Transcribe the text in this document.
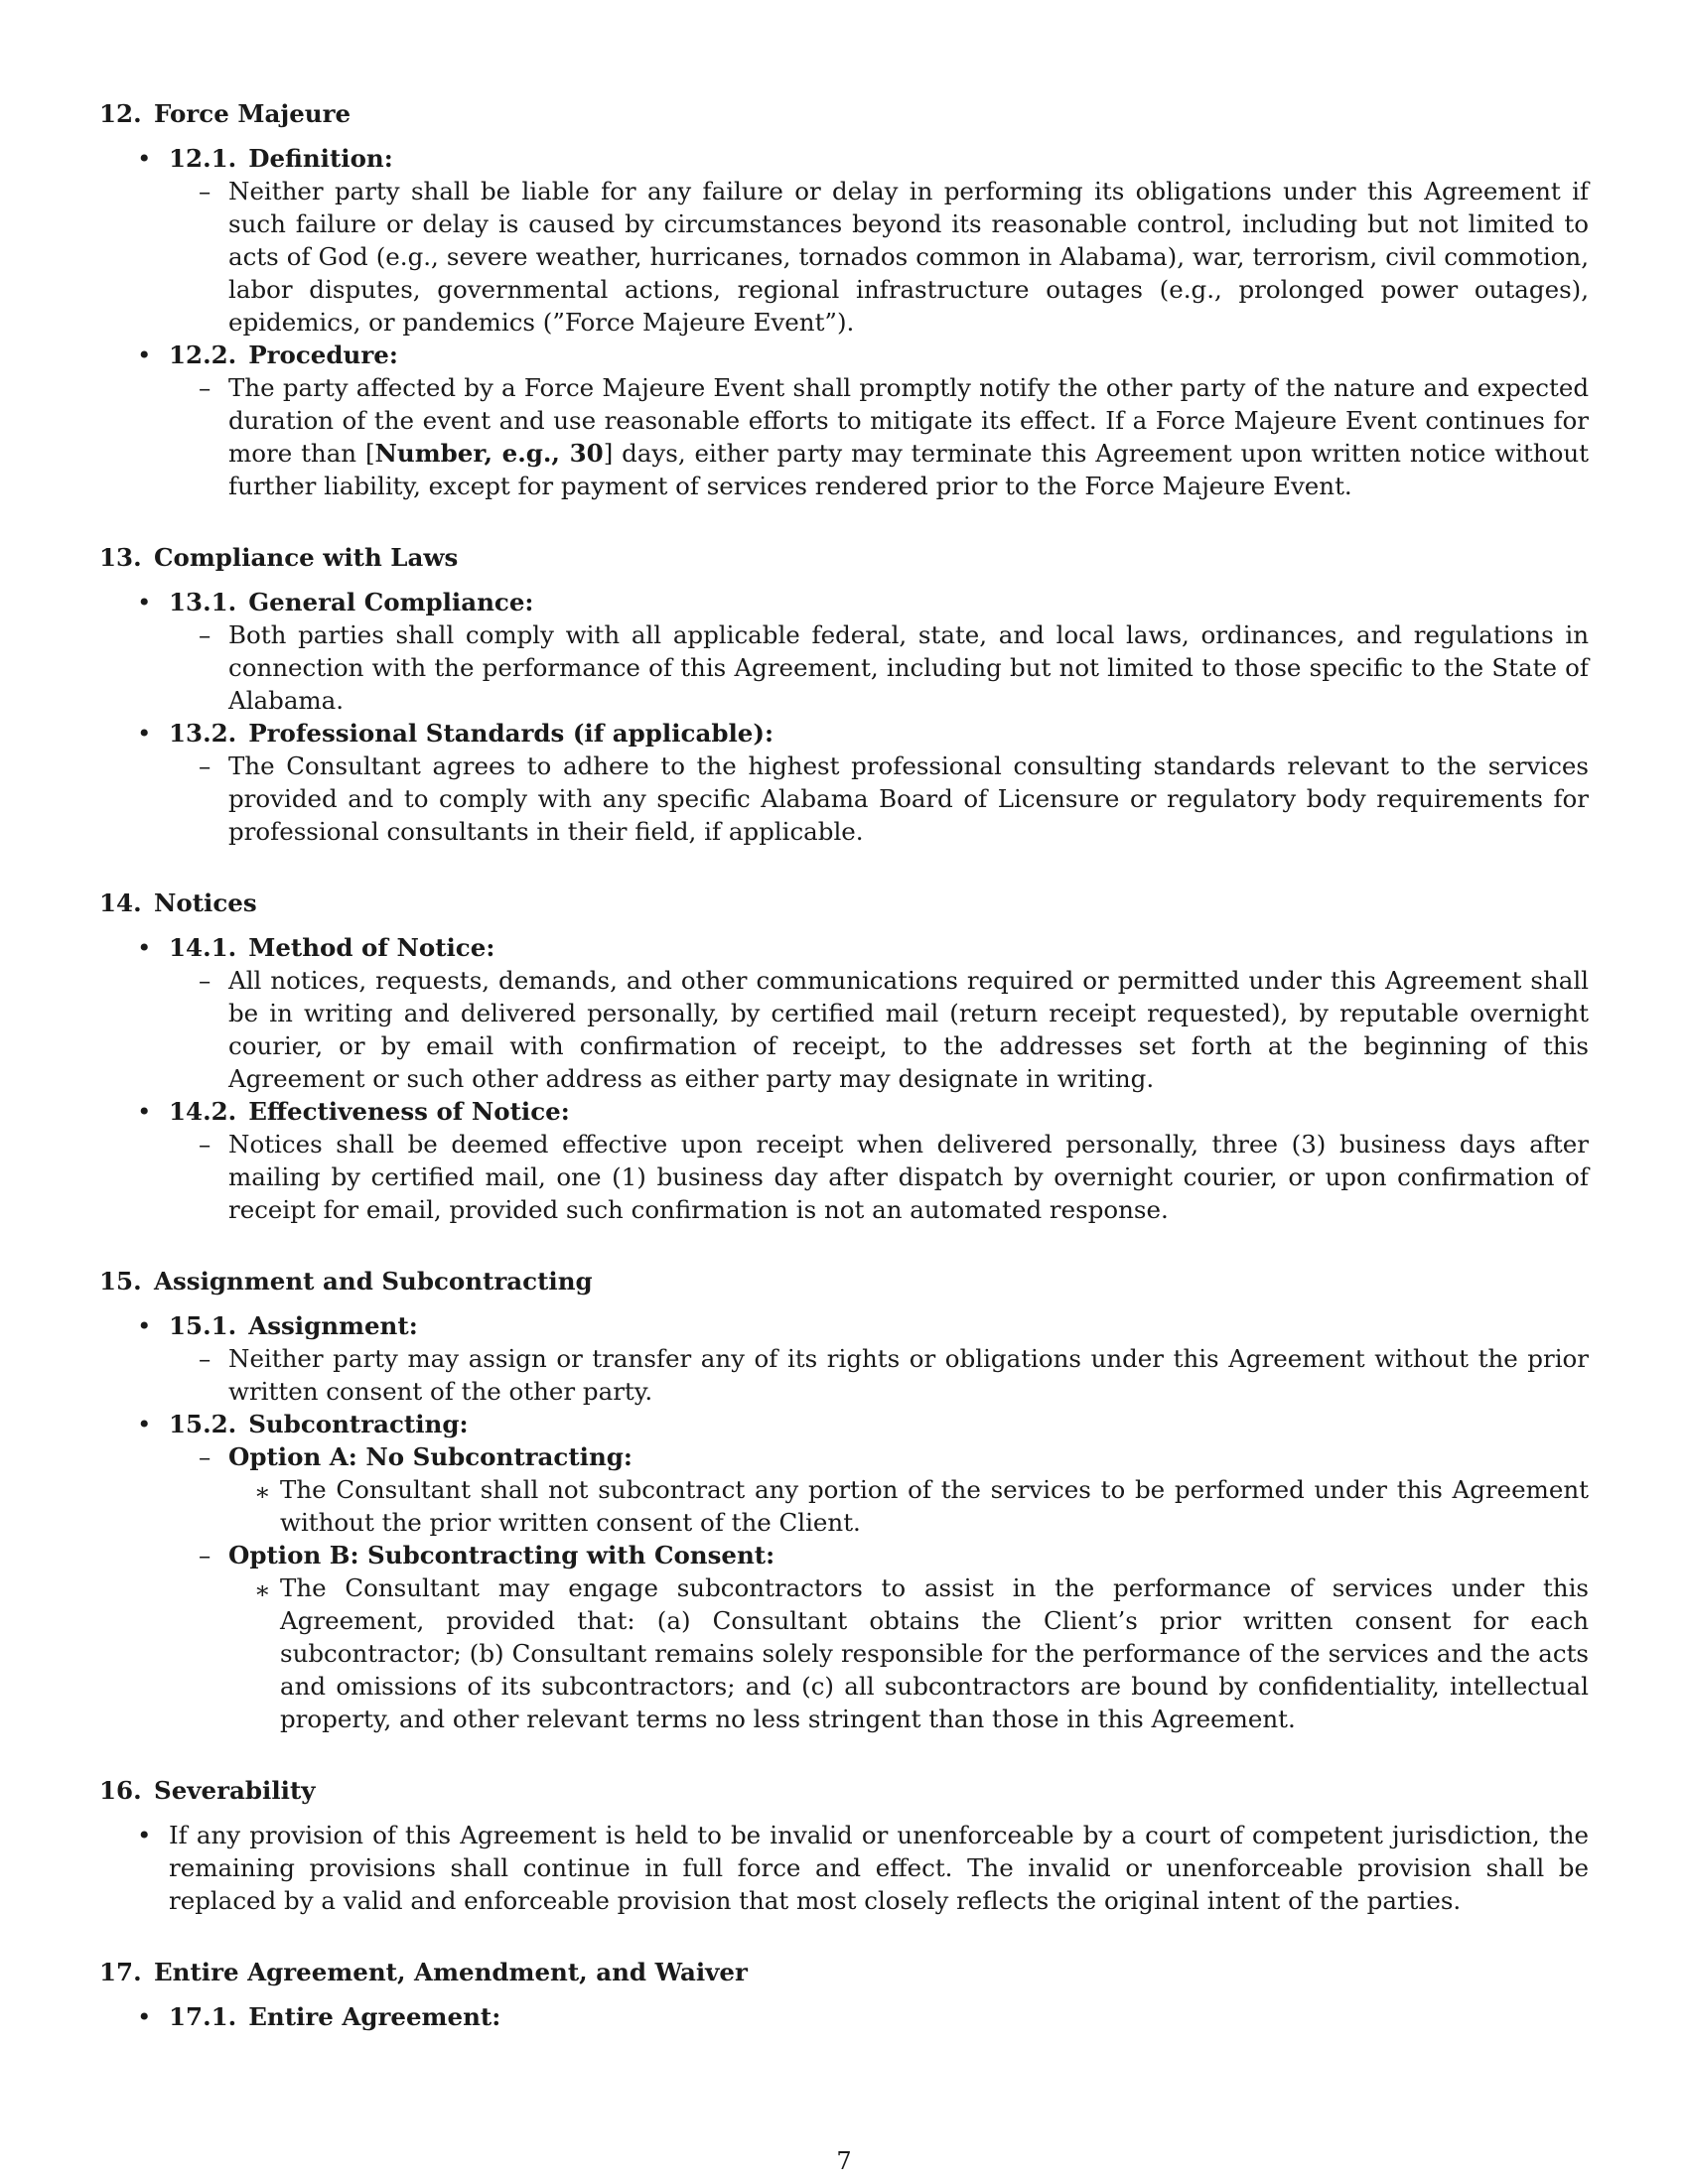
12. Force Majeure
• 12.1. Definition:
– Neither party shall be liable for any failure or delay in performing its obligations under this Agreement if such failure or delay is caused by circumstances beyond its reasonable control, including but not limited to acts of God (e.g., severe weather, hurricanes, tornados common in Alabama), war, terrorism, civil commotion, labor disputes, governmental actions, regional infrastructure outages (e.g., prolonged power outages), epidemics, or pandemics (”Force Majeure Event”).
• 12.2. Procedure:
– The party affected by a Force Majeure Event shall promptly notify the other party of the nature and expected duration of the event and use reasonable efforts to mitigate its effect. If a Force Majeure Event continues for more than [Number, e.g., 30] days, either party may terminate this Agreement upon written notice without further liability, except for payment of services rendered prior to the Force Majeure Event.
13. Compliance with Laws
• 13.1. General Compliance:
– Both parties shall comply with all applicable federal, state, and local laws, ordinances, and regulations in connection with the performance of this Agreement, including but not limited to those specific to the State of Alabama.
• 13.2. Professional Standards (if applicable):
– The Consultant agrees to adhere to the highest professional consulting standards relevant to the services provided and to comply with any specific Alabama Board of Licensure or regulatory body requirements for professional consultants in their field, if applicable.
14. Notices
• 14.1. Method of Notice:
– All notices, requests, demands, and other communications required or permitted under this Agreement shall be in writing and delivered personally, by certified mail (return receipt requested), by reputable overnight courier, or by email with confirmation of receipt, to the addresses set forth at the beginning of this Agreement or such other address as either party may designate in writing.
• 14.2. Effectiveness of Notice:
– Notices shall be deemed effective upon receipt when delivered personally, three (3) business days after mailing by certified mail, one (1) business day after dispatch by overnight courier, or upon confirmation of receipt for email, provided such confirmation is not an automated response.
15. Assignment and Subcontracting
• 15.1. Assignment:
– Neither party may assign or transfer any of its rights or obligations under this Agreement without the prior written consent of the other party.
• 15.2. Subcontracting:
– Option A: No Subcontracting:
∗ The Consultant shall not subcontract any portion of the services to be performed under this Agreement without the prior written consent of the Client.
– Option B: Subcontracting with Consent:
∗ The Consultant may engage subcontractors to assist in the performance of services under this Agreement, provided that: (a) Consultant obtains the Client’s prior written consent for each subcontractor; (b) Consultant remains solely responsible for the performance of the services and the acts and omissions of its subcontractors; and (c) all subcontractors are bound by confidentiality, intellectual property, and other relevant terms no less stringent than those in this Agreement.
16. Severability
• If any provision of this Agreement is held to be invalid or unenforceable by a court of competent jurisdiction, the remaining provisions shall continue in full force and effect. The invalid or unenforceable provision shall be replaced by a valid and enforceable provision that most closely reflects the original intent of the parties.
17. Entire Agreement, Amendment, and Waiver
• 17.1. Entire Agreement:
7
